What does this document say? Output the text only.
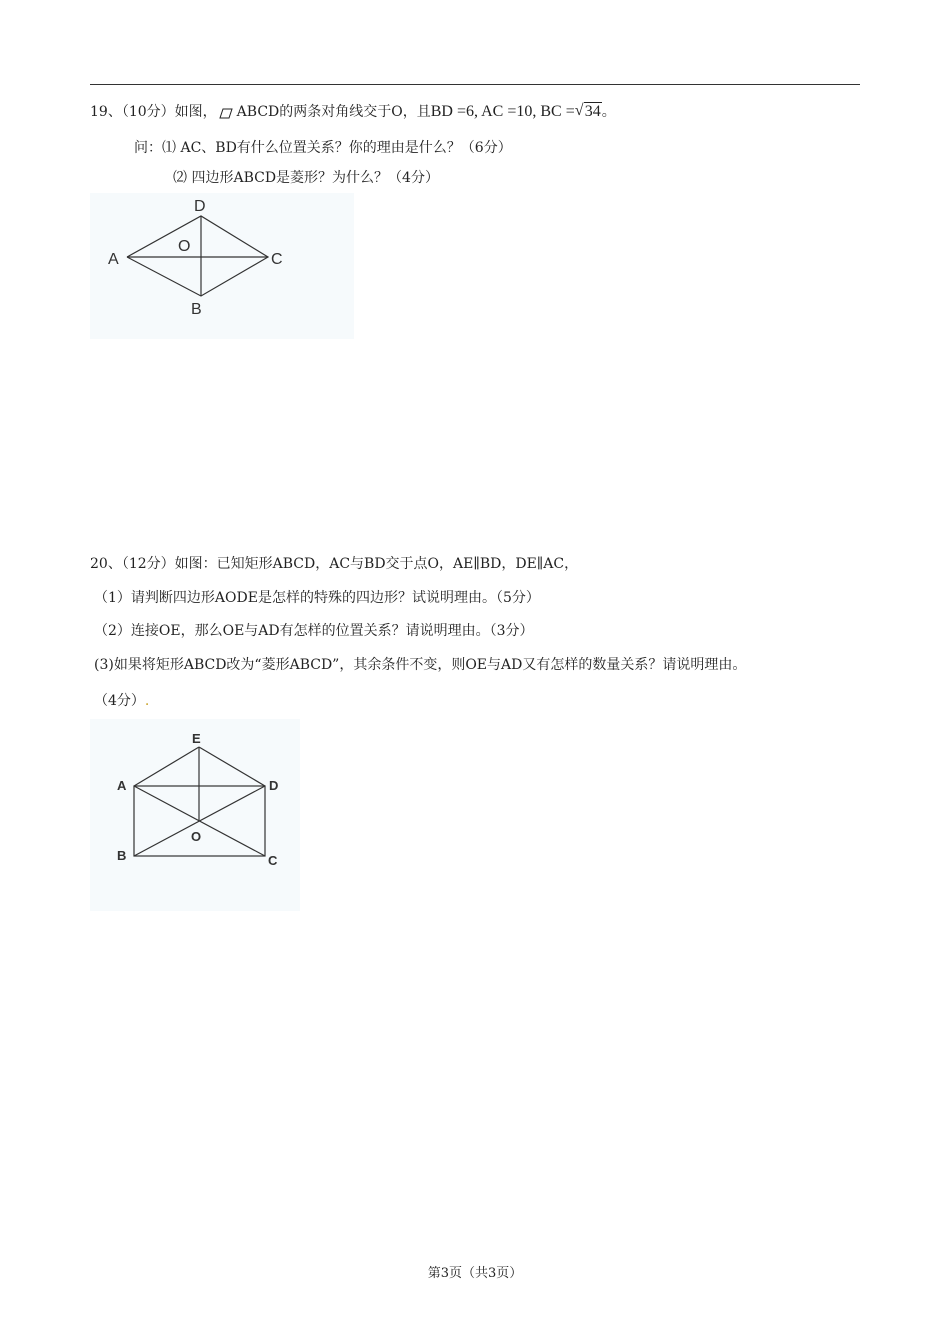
19、（10分）如图， ABCD的两条对角线交于O，且BD =6, AC =10, BC = √ 34。
问：⑴ AC、BD有什么位置关系？你的理由是什么？（6分）
⑵ 四边形ABCD是菱形？为什么？（4分）
A
D
O
C
B
20、（12分）如图：已知矩形ABCD，AC与BD交于点O，AE∥BD，DE∥AC，
（1）请判断四边形AODE是怎样的特殊的四边形？试说明理由。（5分）
（2）连接OE，那么OE与AD有怎样的位置关系？请说明理由。（3分）
(3)如果将矩形ABCD改为“菱形ABCD”，其余条件不变，则OE与AD又有怎样的数量关系？请说明理由。
（4分）.
E
A	D
O
B	C
第3页（共3页）
